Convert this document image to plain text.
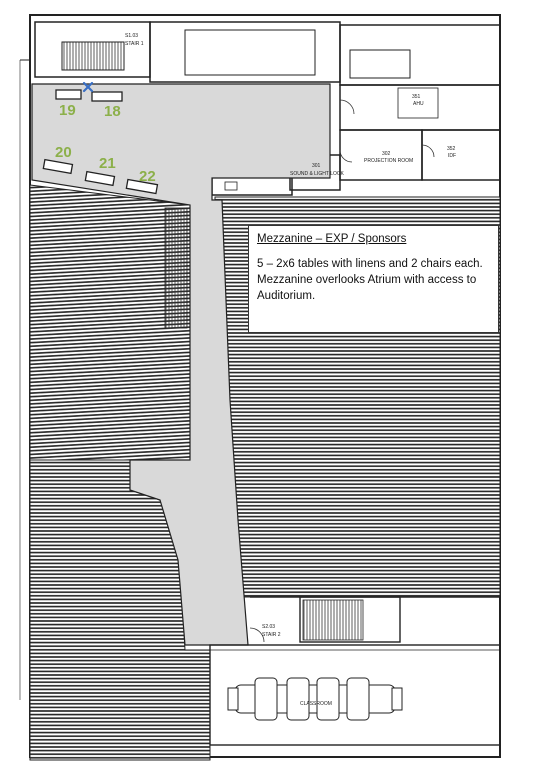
S1.03
STAIR 1
351
AHU
352
IDF
302
PROJECTION ROOM
301
SOUND & LIGHT LOCK
S2.03
STAIR 2
CLASSROOM
19 18
20
21
22
Mezzanine – EXP / Sponsors
5 – 2x6 tables with linens and 2 chairs each.
Mezzanine overlooks Atrium with access to
Auditorium.
